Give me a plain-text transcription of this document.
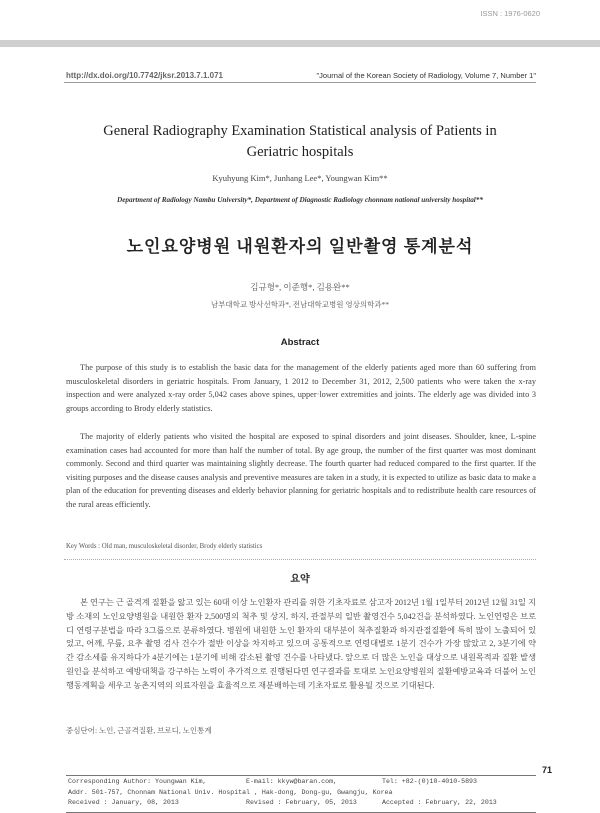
ISSN : 1976-0620
http://dx.doi.org/10.7742/jksr.2013.7.1.071	"Journal of the Korean Society of Radiology, Volume 7, Number 1"
General Radiography Examination Statistical analysis of Patients in
Geriatric hospitals
Kyuhyung Kim*, Junhang Lee*, Youngwan Kim**
Department of Radiology Nambu University*, Department of Diagnostic Radiology chonnam national university hospital**
노인요양병원 내원환자의 일반촬영 통계분석
김규형*, 이준행*, 김용완**
남부대학교 방사선학과*, 전남대학교병원 영상의학과**
Abstract

The purpose of this study is to establish the basic data for the management of the elderly patients aged more than 60 suffering from musculoskeletal disorders in geriatric hospitals. From January, 1 2012 to December 31, 2012, 2,500 patients who were taken the x-ray inspection and were analyzed x-ray order 5,042 cases above spines, upper·lower extremities and joints. The elderly age was divided into 3 groups according to Brody elderly statistics.

The majority of elderly patients who visited the hospital are exposed to spinal disorders and joint diseases. Shoulder, knee, L-spine examination cases had accounted for more than half the number of total. By age group, the number of the first quarter was most dominant commonly. Second and third quarter was maintaining slightly decrease. The fourth quarter had reduced compared to the first quarter. If the visiting purposes and the disease causes analysis and preventive measures are taken in a study, it is expected to utilize as basic data to make a plan of the education for preventing diseases and elderly behavior planning for geriatric hospitals and to redistribute health care resources of the rural areas efficiently.

Key Words : Old man, musculoskeletal disorder, Brody elderly statistics
요약

본 연구는 근 골격계 질환을 앓고 있는 60대 이상 노인환자 관리를 위한 기초자료로 삼고자 2012년 1월 1일부터 2012년 12월 31일 지방 소재의 노인요양병원을 내원한 환자 2,500명의 척추 및 상지, 하지, 관절부의 일반 촬영건수 5,042건을 분석하였다. 노인연령은 브로디 연령구분법을 따라 3그룹으로 분류하였다. 병원에 내원한 노인 환자의 대부분이 척추질환과 하지관절질환에 특히 많이 노출되어 있었고, 어깨, 무릎, 요추 촬영 검사 건수가 절반 이상을 차지하고 있으며 공통적으로 연령대별로 1분기 건수가 가장 많았고 2, 3분기에 약간 감소세를 유지하다가 4분기에는 1분기에 비해 감소된 촬영 건수를 나타냈다. 앞으로 더 많은 노인을 대상으로 내원목적과 질환 발생 원인을 분석하고 예방대책을 강구하는 노력이 추가적으로 진행된다면 연구결과를 토대로 노인요양병원의 질환예방교육과 더불어 노인행동계획을 세우고 농촌지역의 의료자원을 효율적으로 재분배하는데 기초자료로 활용될 것으로 기대된다.

중심단어: 노인, 근골격질환, 브로디, 노인통계
71
Corresponding Author: Youngwan Kim,	E-mail: kkyw@baran.com,	Tel: +82-(0)10-4010-5893
Addr. 501-757, Chonnam National Univ. Hospital , Hak-dong, Dong-gu, Gwangju, Korea
Received : January, 08, 2013	Revised : February, 05, 2013	Accepted : February, 22, 2013
